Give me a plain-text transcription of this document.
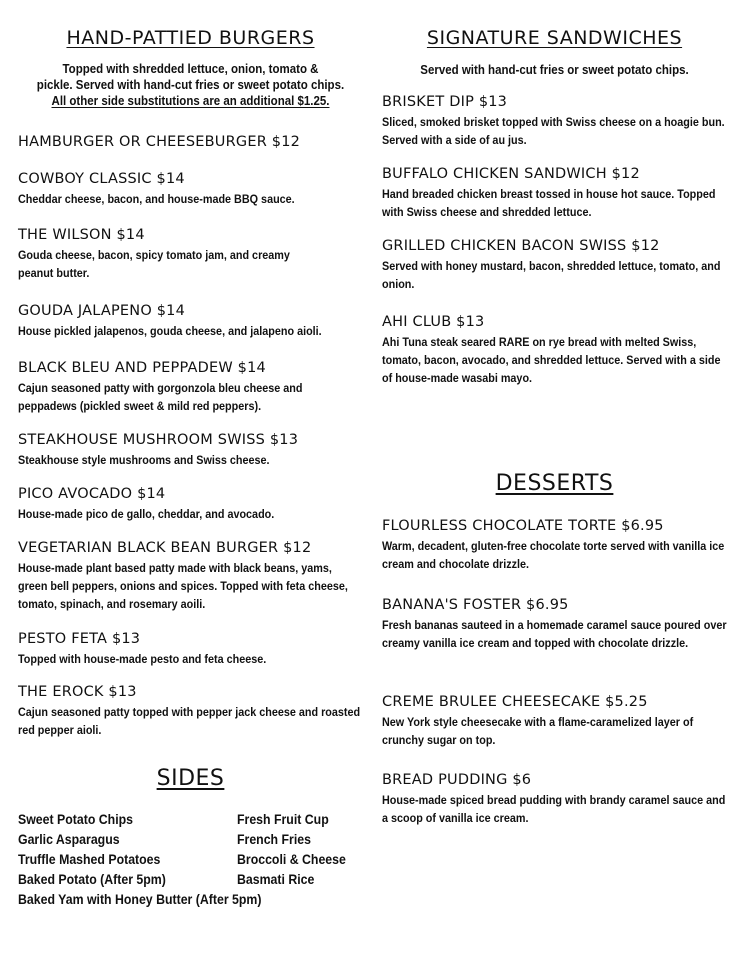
HAND-PATTIED BURGERS

Topped with shredded lettuce, onion, tomato &

pickle. Served with hand-cut fries or sweet potato chips.

All other side substitutions are an additional $1.25.

HAMBURGER OR CHEESEBURGER $12

COWBOY CLASSIC $14

Cheddar cheese, bacon, and house-made BBQ sauce.

THE WILSON $14

Gouda cheese, bacon, spicy tomato jam, and creamy peanut butter.

GOUDA JALAPENO $14

House pickled jalapenos, gouda cheese, and jalapeno aioli.

BLACK BLEU AND PEPPADEW $14

Cajun seasoned patty with gorgonzola bleu cheese and peppadews (pickled sweet & mild red peppers).

STEAKHOUSE MUSHROOM SWISS $13

Steakhouse style mushrooms and Swiss cheese.

PICO AVOCADO $14

House-made pico de gallo, cheddar, and avocado.

VEGETARIAN BLACK BEAN BURGER $12

House-made plant based patty made with black beans, yams, green bell peppers, onions and spices. Topped with feta cheese, tomato, spinach, and rosemary aoili.

PESTO FETA $13

Topped with house-made pesto and feta cheese.

THE EROCK $13

Cajun seasoned patty topped with pepper jack cheese and roasted red pepper aioli.

SIDES
Sweet Potato Chips
Garlic Asparagus
Truffle Mashed Potatoes
Baked Potato (After 5pm)
Fresh Fruit Cup
French Fries
Broccoli & Cheese
Basmati Rice
Baked Yam with Honey Butter (After 5pm)
SIGNATURE SANDWICHES

Served with hand-cut fries or sweet potato chips.

BRISKET DIP $13

Sliced, smoked brisket topped with Swiss cheese on a hoagie bun. Served with a side of au jus.

BUFFALO CHICKEN SANDWICH $12

Hand breaded chicken breast tossed in house hot sauce. Topped with Swiss cheese and shredded lettuce.

GRILLED CHICKEN BACON SWISS $12

Served with honey mustard, bacon, shredded lettuce, tomato, and onion.

AHI CLUB $13

Ahi Tuna steak seared RARE on rye bread with melted Swiss, tomato, bacon, avocado, and shredded lettuce. Served with a side of house-made wasabi mayo.

DESSERTS

FLOURLESS CHOCOLATE TORTE $6.95

Warm, decadent, gluten-free chocolate torte served with vanilla ice cream and chocolate drizzle.

BANANA'S FOSTER $6.95

Fresh bananas sauteed in a homemade caramel sauce poured over creamy vanilla ice cream and topped with chocolate drizzle.

CREME BRULEE CHEESECAKE $5.25

New York style cheesecake with a flame-caramelized layer of crunchy sugar on top.

BREAD PUDDING $6

House-made spiced bread pudding with brandy caramel sauce and a scoop of vanilla ice cream.
